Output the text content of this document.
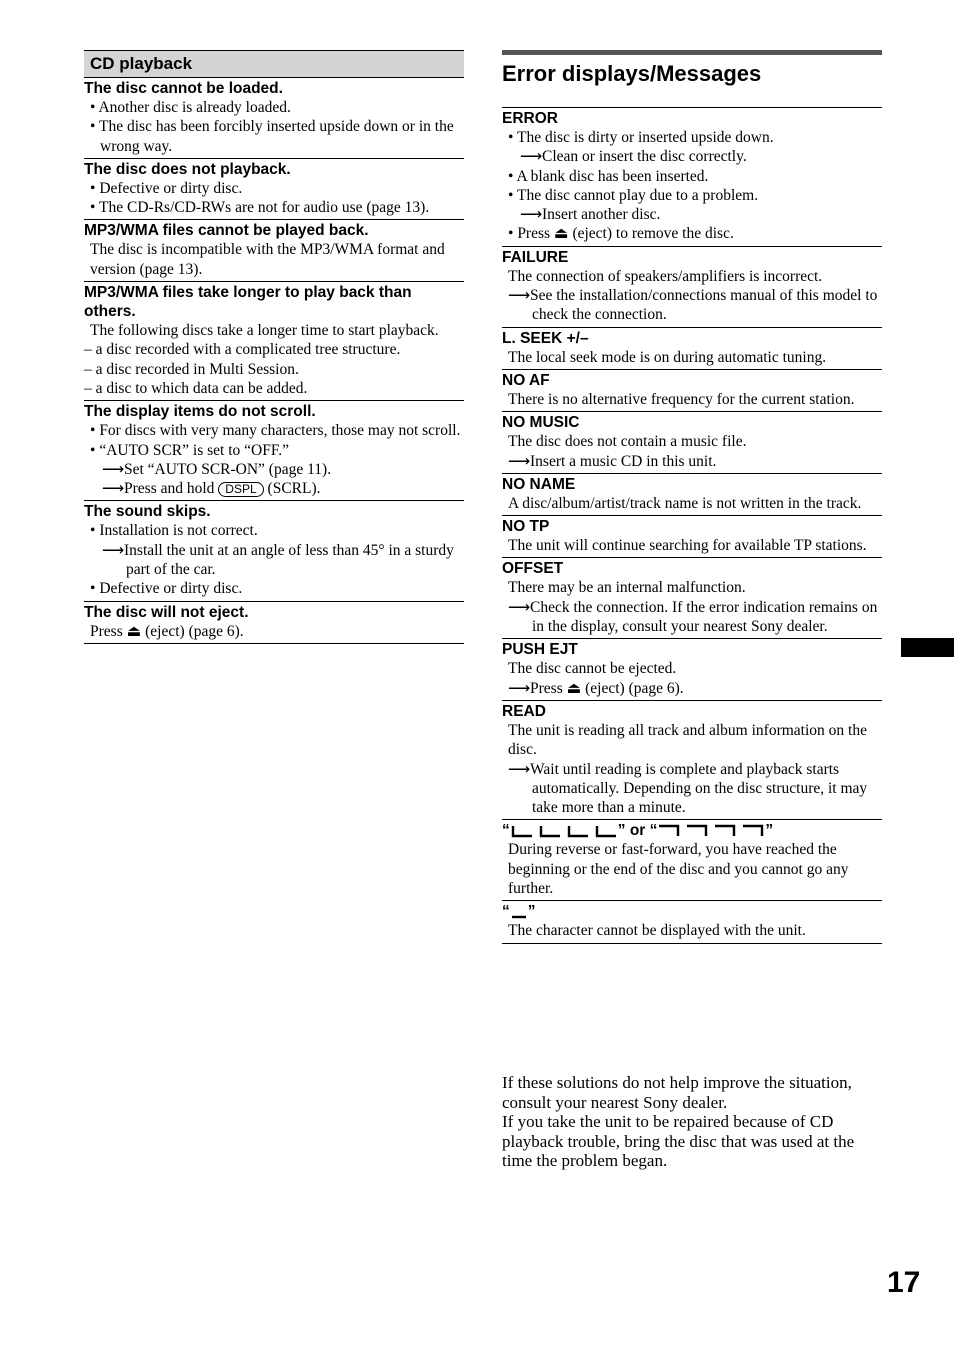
CD playback
The disc cannot be loaded.
• Another disc is already loaded.
• The disc has been forcibly inserted upside down or in the wrong way.
The disc does not playback.
• Defective or dirty disc.
• The CD-Rs/CD-RWs are not for audio use (page 13).
MP3/WMA files cannot be played back.
The disc is incompatible with the MP3/WMA format and version (page 13).
MP3/WMA files take longer to play back than others.
The following discs take a longer time to start playback.
– a disc recorded with a complicated tree structure.
– a disc recorded in Multi Session.
– a disc to which data can be added.
The display items do not scroll.
• For discs with very many characters, those may not scroll.
• “AUTO SCR” is set to “OFF.”
⟶Set “AUTO SCR-ON” (page 11).
⟶Press and hold DSPL (SCRL).
The sound skips.
• Installation is not correct.
⟶Install the unit at an angle of less than 45° in a sturdy part of the car.
• Defective or dirty disc.
The disc will not eject.
Press ⏏ (eject) (page 6).
Error displays/Messages
ERROR
• The disc is dirty or inserted upside down.
⟶Clean or insert the disc correctly.
• A blank disc has been inserted.
• The disc cannot play due to a problem.
⟶Insert another disc.
• Press ⏏ (eject) to remove the disc.
FAILURE
The connection of speakers/amplifiers is incorrect.
⟶See the installation/connections manual of this model to check the connection.
L. SEEK +/–
The local seek mode is on during automatic tuning.
NO AF
There is no alternative frequency for the current station.
NO MUSIC
The disc does not contain a music file.
⟶Insert a music CD in this unit.
NO NAME
A disc/album/artist/track name is not written in the track.
NO TP
The unit will continue searching for available TP stations.
OFFSET
There may be an internal malfunction.
⟶Check the connection. If the error indication remains on in the display, consult your nearest Sony dealer.
PUSH EJT
The disc cannot be ejected.
⟶Press ⏏ (eject) (page 6).
READ
The unit is reading all track and album information on the disc.
⟶Wait until reading is complete and playback starts automatically. Depending on the disc structure, it may take more than a minute.
“	” or “	”
During reverse or fast-forward, you have reached the beginning or the end of the disc and you cannot go any further.
“ ”
The character cannot be displayed with the unit.
If these solutions do not help improve the situation, consult your nearest Sony dealer.
If you take the unit to be repaired because of CD playback trouble, bring the disc that was used at the time the problem began.
17
